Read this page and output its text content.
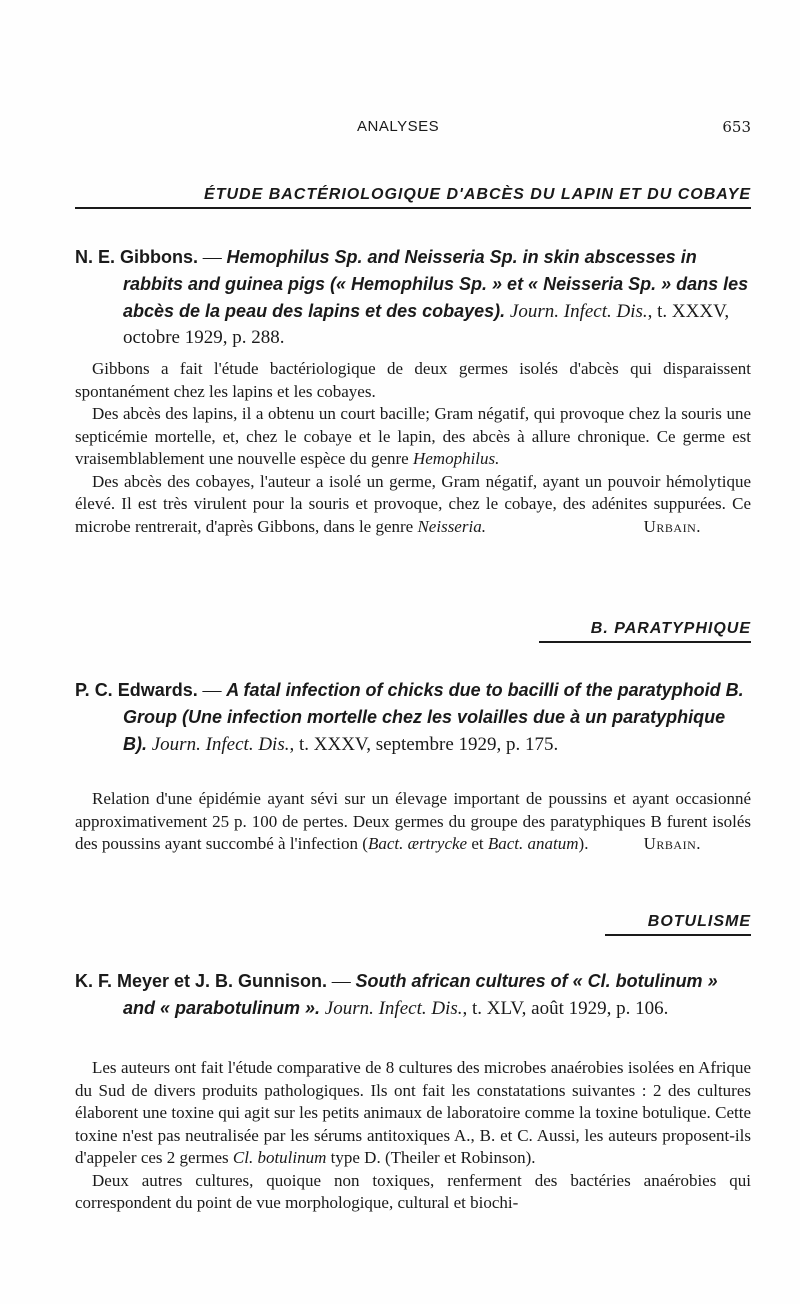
ANALYSES	653
ÉTUDE BACTÉRIOLOGIQUE D'ABCÈS DU LAPIN ET DU COBAYE
N. E. Gibbons. — Hemophilus Sp. and Neisseria Sp. in skin abscesses in rabbits and guinea pigs (« Hemophilus Sp. » et « Neisseria Sp. » dans les abcès de la peau des lapins et des cobayes). Journ. Infect. Dis., t. XXXV, octobre 1929, p. 288.

Gibbons a fait l'étude bactériologique de deux germes isolés d'abcès qui disparaissent spontanément chez les lapins et les cobayes.

Des abcès des lapins, il a obtenu un court bacille; Gram négatif, qui provoque chez la souris une septicémie mortelle, et, chez le cobaye et le lapin, des abcès à allure chronique. Ce germe est vraisemblablement une nouvelle espèce du genre Hemophilus.

Des abcès des cobayes, l'auteur a isolé un germe, Gram négatif, ayant un pouvoir hémolytique élevé. Il est très virulent pour la souris et provoque, chez le cobaye, des adénites suppurées. Ce microbe rentrerait, d'après Gibbons, dans le genre Neisseria.	Urbain.

B. PARATYPHIQUE
P. C. Edwards. — A fatal infection of chicks due to bacilli of the paratyphoid B. Group (Une infection mortelle chez les volailles due à un paratyphique B). Journ. Infect. Dis., t. XXXV, septembre 1929, p. 175.

Relation d'une épidémie ayant sévi sur un élevage important de poussins et ayant occasionné approximativement 25 p. 100 de pertes. Deux germes du groupe des paratyphiques B furent isolés des poussins ayant succombé à l'infection (Bact. ærtrycke et Bact. anatum).	Urbain.

BOTULISME
K. F. Meyer et J. B. Gunnison. — South african cultures of « Cl. botulinum » and « parabotulinum ». Journ. Infect. Dis., t. XLV, août 1929, p. 106.

Les auteurs ont fait l'étude comparative de 8 cultures des microbes anaérobies isolées en Afrique du Sud de divers produits pathologiques. Ils ont fait les constatations suivantes : 2 des cultures élaborent une toxine qui agit sur les petits animaux de laboratoire comme la toxine botulique. Cette toxine n'est pas neutralisée par les sérums antitoxiques A., B. et C. Aussi, les auteurs proposent-ils d'appeler ces 2 germes Cl. botulinum type D. (Theiler et Robinson).

Deux autres cultures, quoique non toxiques, renferment des bactéries anaérobies qui correspondent du point de vue morphologique, cultural et biochi-
